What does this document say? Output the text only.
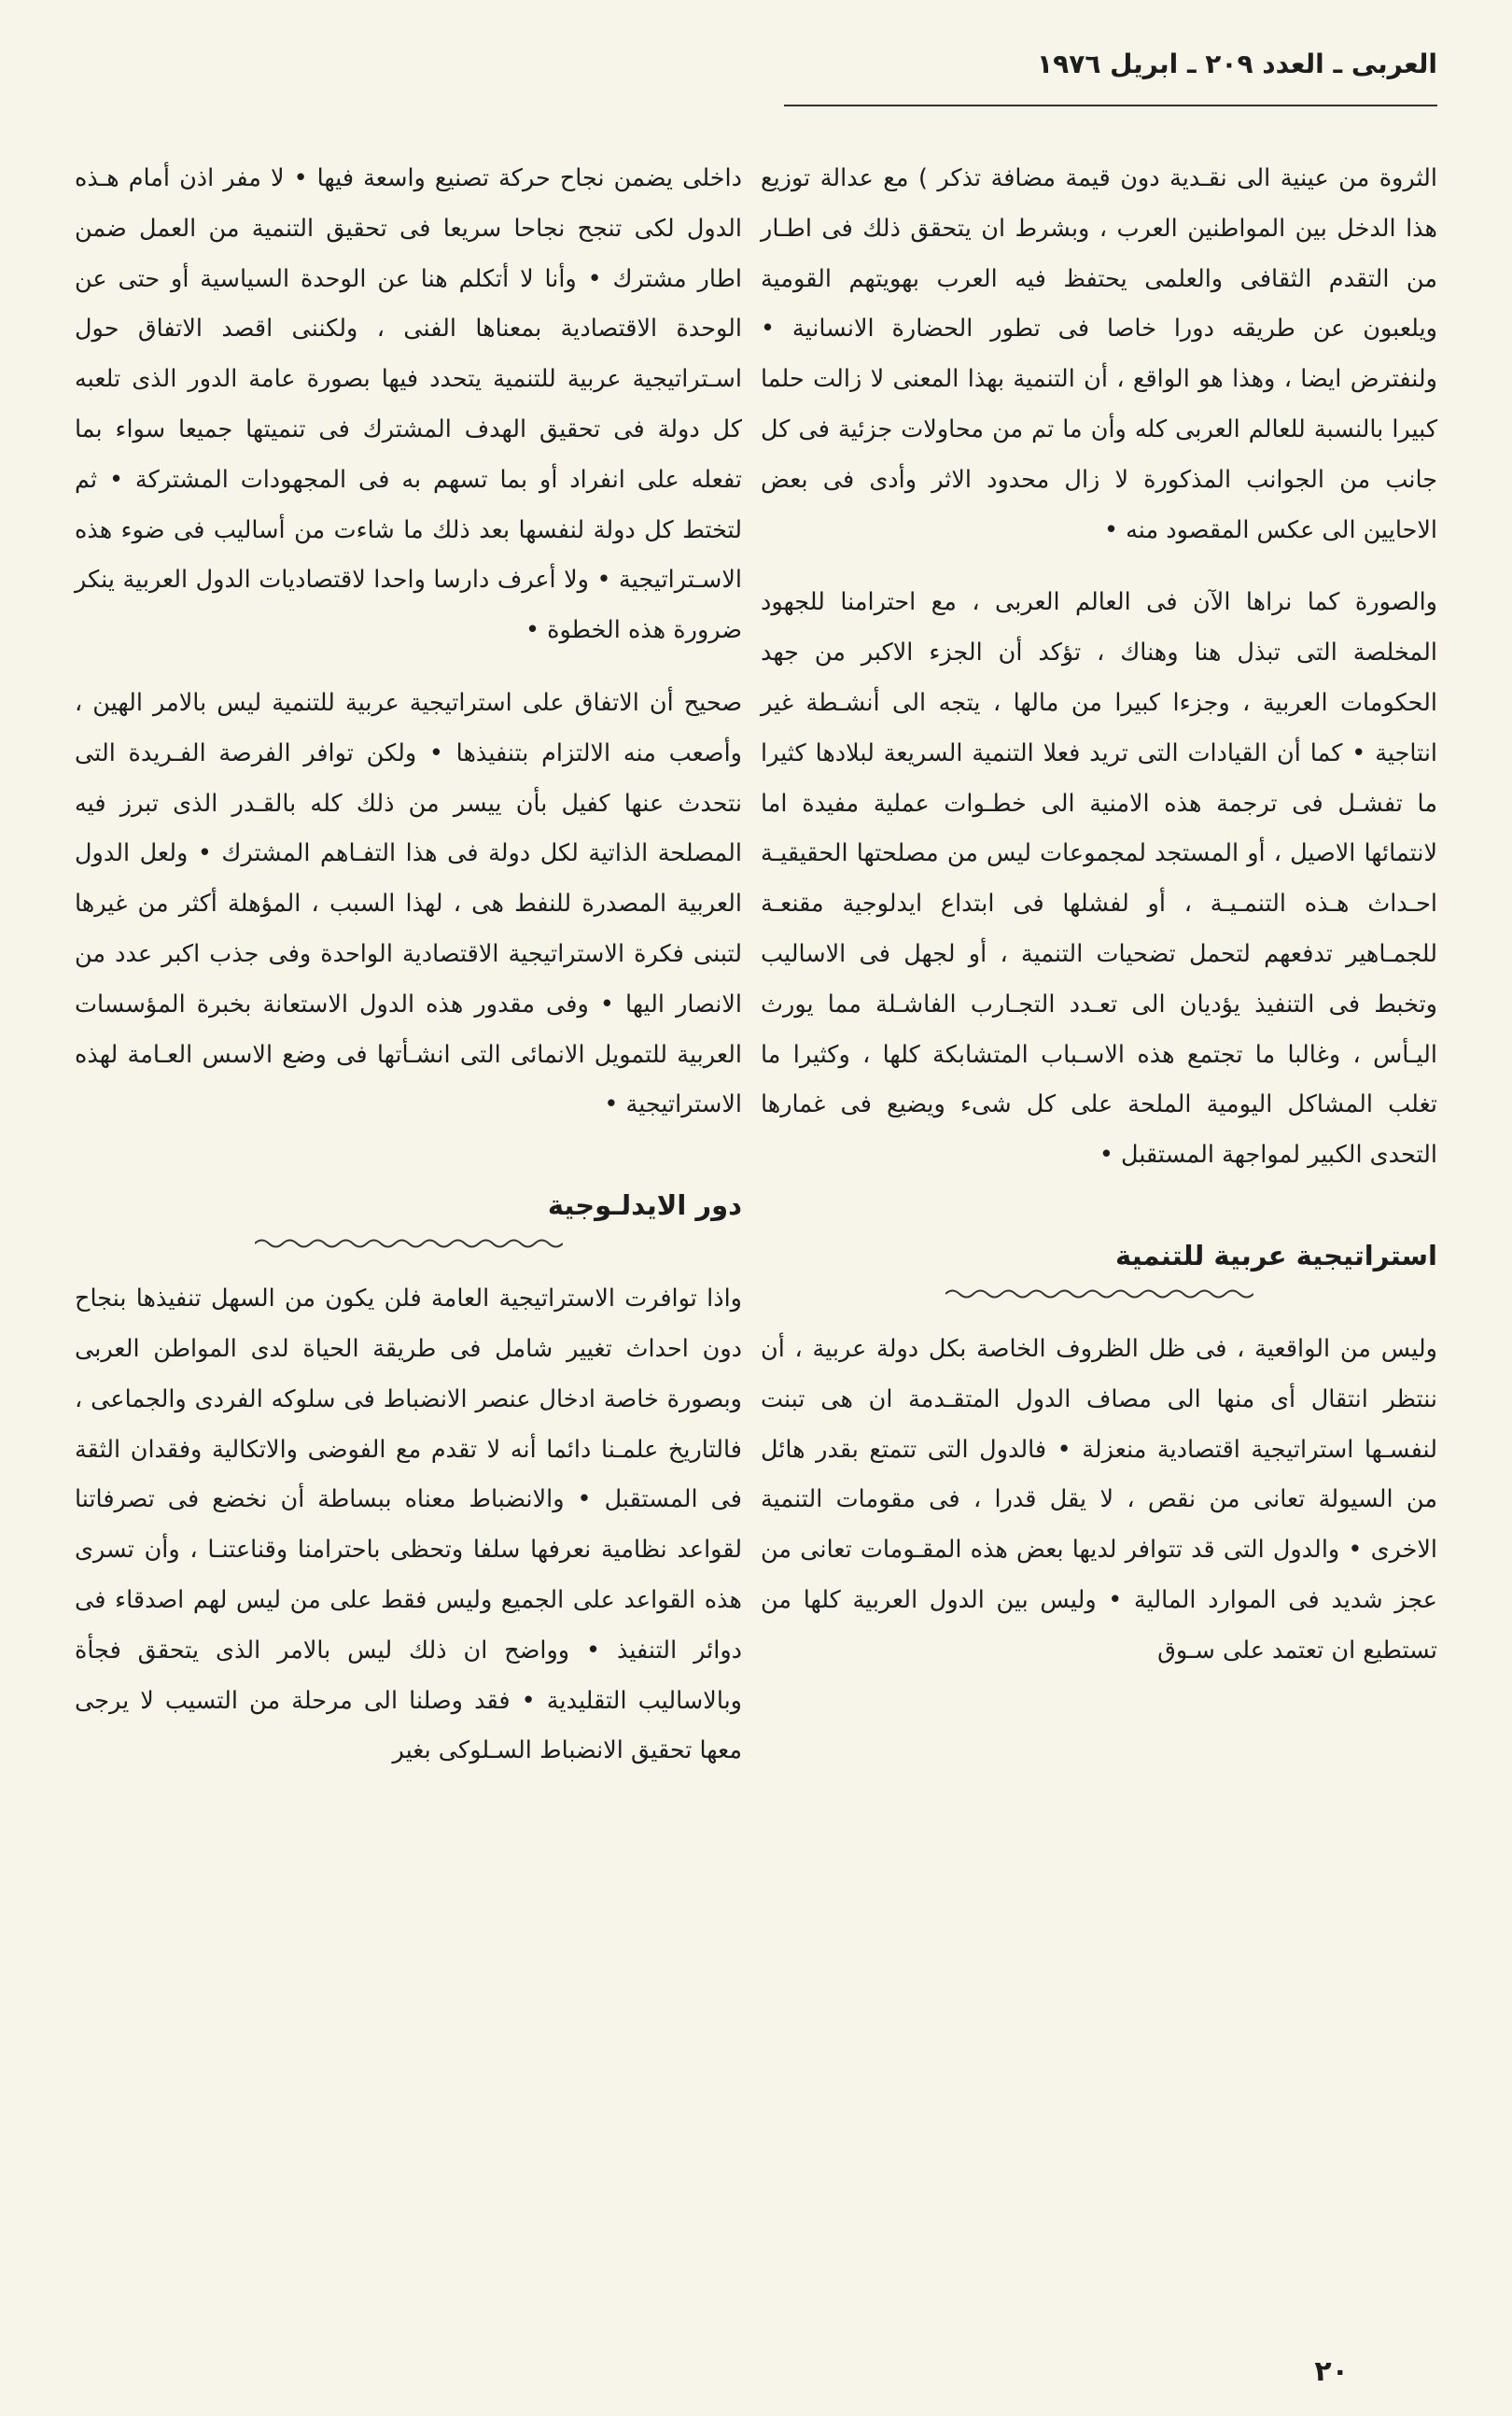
العربى ـ العدد ٢٠٩ ـ ابريل ١٩٧٦

الثروة من عينية الى نقـدية دون قيمة مضافة تذكر ) مع عدالة توزيع هذا الدخل بين المواطنين العرب ، وبشرط ان يتحقق ذلك فى اطـار من التقدم الثقافى والعلمى يحتفظ فيه العرب بهويتهم القومية ويلعبون عن طريقه دورا خاصا فى تطور الحضارة الانسانية • ولنفترض ايضا ، وهذا هو الواقع ، أن التنمية بهذا المعنى لا زالت حلما كبيرا بالنسبة للعالم العربى كله وأن ما تم من محاولات جزئية فى كل جانب من الجوانب المذكورة لا زال محدود الاثر وأدى فى بعض الاحايين الى عكس المقصود منه •

والصورة كما نراها الآن فى العالم العربى ، مع احترامنا للجهود المخلصة التى تبذل هنا وهناك ، تؤكد أن الجزء الاكبر من جهد الحكومات العربية ، وجزءا كبيرا من مالها ، يتجه الى أنشـطة غير انتاجية • كما أن القيادات التى تريد فعلا التنمية السريعة لبلادها كثيرا ما تفشـل فى ترجمة هذه الامنية الى خطـوات عملية مفيدة اما لانتمائها الاصيل ، أو المستجد لمجموعات ليس من مصلحتها الحقيقيـة احـداث هـذه التنمـيـة ، أو لفشلها فى ابتداع ايدلوجية مقنعـة للجمـاهير تدفعهم لتحمل تضحيات التنمية ، أو لجهل فى الاساليب وتخبط فى التنفيذ يؤديان الى تعـدد التجـارب الفاشـلة مما يورث اليـأس ، وغالبا ما تجتمع هذه الاسـباب المتشابكة كلها ، وكثيرا ما تغلب المشاكل اليومية الملحة على كل شىء ويضيع فى غمارها التحدى الكبير لمواجهة المستقبل •

استراتيجية عربية للتنمية

وليس من الواقعية ، فى ظل الظروف الخاصة بكل دولة عربية ، أن ننتظر انتقال أى منها الى مصاف الدول المتقـدمة ان هى تبنت لنفسـها استراتيجية اقتصادية منعزلة • فالدول التى تتمتع بقدر هائل من السيولة تعانى من نقص ، لا يقل قدرا ، فى مقومات التنمية الاخرى • والدول التى قد تتوافر لديها بعض هذه المقـومات تعانى من عجز شديد فى الموارد المالية • وليس بين الدول العربية كلها من تستطيع ان تعتمد على سـوق

داخلى يضمن نجاح حركة تصنيع واسعة فيها • لا مفر اذن أمام هـذه الدول لكى تنجح نجاحا سريعا فى تحقيق التنمية من العمل ضمن اطار مشترك • وأنا لا أتكلم هنا عن الوحدة السياسية أو حتى عن الوحدة الاقتصادية بمعناها الفنى ، ولكننى اقصد الاتفاق حول اسـتراتيجية عربية للتنمية يتحدد فيها بصورة عامة الدور الذى تلعبه كل دولة فى تحقيق الهدف المشترك فى تنميتها جميعا سواء بما تفعله على انفراد أو بما تسهم به فى المجهودات المشتركة • ثم لتختط كل دولة لنفسها بعد ذلك ما شاءت من أساليب فى ضوء هذه الاسـتراتيجية • ولا أعرف دارسا واحدا لاقتصاديات الدول العربية ينكر ضرورة هذه الخطوة •

صحيح أن الاتفاق على استراتيجية عربية للتنمية ليس بالامر الهين ، وأصعب منه الالتزام بتنفيذها • ولكن توافر الفرصة الفـريدة التى نتحدث عنها كفيل بأن ييسر من ذلك كله بالقـدر الذى تبرز فيه المصلحة الذاتية لكل دولة فى هذا التفـاهم المشترك • ولعل الدول العربية المصدرة للنفط هى ، لهذا السبب ، المؤهلة أكثر من غيرها لتبنى فكرة الاستراتيجية الاقتصادية الواحدة وفى جذب اكبر عدد من الانصار اليها • وفى مقدور هذه الدول الاستعانة بخبرة المؤسسات العربية للتمويل الانمائى التى انشـأتها فى وضع الاسس العـامة لهذه الاستراتيجية •

دور الايدلـوجية

واذا توافرت الاستراتيجية العامة فلن يكون من السهل تنفيذها بنجاح دون احداث تغيير شامل فى طريقة الحياة لدى المواطن العربى وبصورة خاصة ادخال عنصر الانضباط فى سلوكه الفردى والجماعى ، فالتاريخ علمـنا دائما أنه لا تقدم مع الفوضى والاتكالية وفقدان الثقة فى المستقبل • والانضباط معناه ببساطة أن نخضع فى تصرفاتنا لقواعد نظامية نعرفها سلفا وتحظى باحترامنا وقناعتنـا ، وأن تسرى هذه القواعد على الجميع وليس فقط على من ليس لهم اصدقاء فى دوائر التنفيذ • وواضح ان ذلك ليس بالامر الذى يتحقق فجأة وبالاساليب التقليدية • فقد وصلنا الى مرحلة من التسيب لا يرجى معها تحقيق الانضباط السـلوكى بغير

٢٠
